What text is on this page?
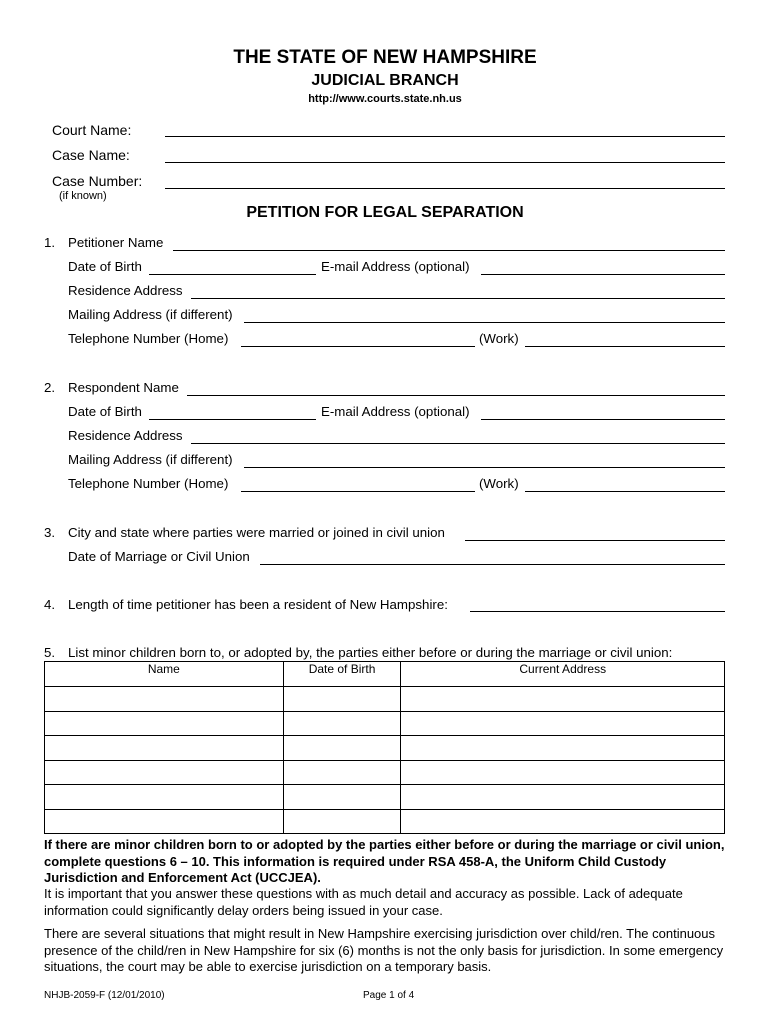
THE STATE OF NEW HAMPSHIRE
JUDICIAL BRANCH
http://www.courts.state.nh.us
Court Name:
Case Name:
Case Number:
(if known)
PETITION FOR LEGAL SEPARATION
1. Petitioner Name
Date of Birth	E-mail Address (optional)
Residence Address
Mailing Address (if different)
Telephone Number (Home)	(Work)
2. Respondent Name
Date of Birth	E-mail Address (optional)
Residence Address
Mailing Address (if different)
Telephone Number (Home)	(Work)
3. City and state where parties were married or joined in civil union
Date of Marriage or Civil Union
4. Length of time petitioner has been a resident of New Hampshire:
5. List minor children born to, or adopted by, the parties either before or during the marriage or civil union:
Name	Date of Birth	Current Address

If there are minor children born to or adopted by the parties either before or during the marriage or civil union, complete questions 6 – 10. This information is required under RSA 458-A, the Uniform Child Custody Jurisdiction and Enforcement Act (UCCJEA).
It is important that you answer these questions with as much detail and accuracy as possible. Lack of adequate information could significantly delay orders being issued in your case.
There are several situations that might result in New Hampshire exercising jurisdiction over child/ren. The continuous presence of the child/ren in New Hampshire for six (6) months is not the only basis for jurisdiction. In some emergency situations, the court may be able to exercise jurisdiction on a temporary basis.
NHJB-2059-F (12/01/2010)	Page 1 of 4
